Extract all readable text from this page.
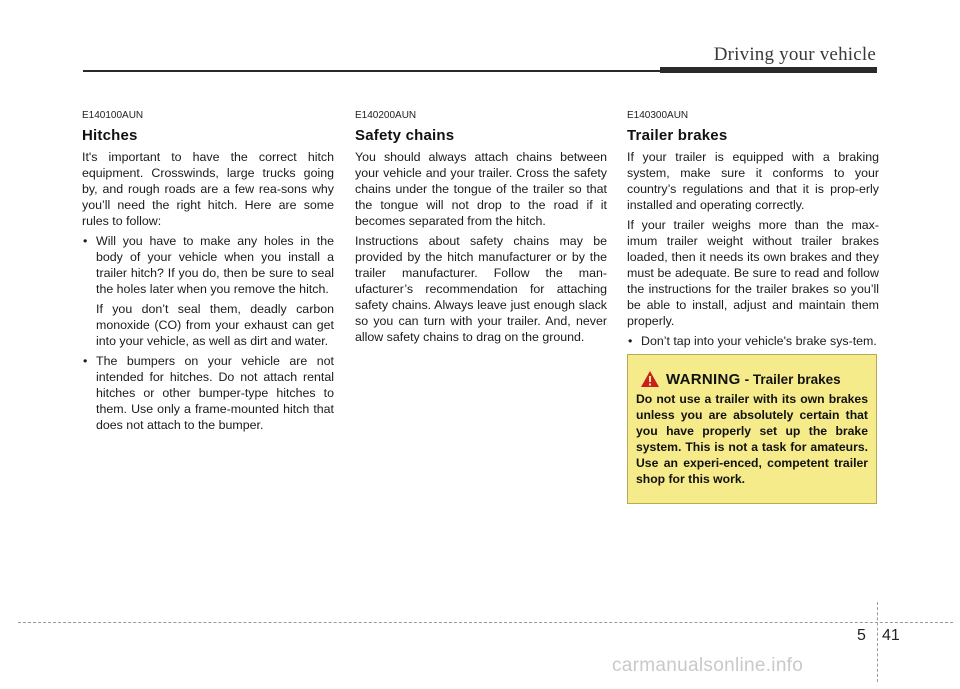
Driving your vehicle
E140100AUN
Hitches

It's important to have the correct hitch equipment. Crosswinds, large trucks going by, and rough roads are a few rea-sons why you’ll need the right hitch. Here are some rules to follow:

• Will you have to make any holes in the body of your vehicle when you install a trailer hitch? If you do, then be sure to seal the holes later when you remove the hitch.

If you don’t seal them, deadly carbon monoxide (CO) from your exhaust can get into your vehicle, as well as dirt and water.

• The bumpers on your vehicle are not intended for hitches. Do not attach rental hitches or other bumper-type hitches to them. Use only a frame-mounted hitch that does not attach to the bumper.
E140200AUN
Safety chains

You should always attach chains between your vehicle and your trailer. Cross the safety chains under the tongue of the trailer so that the tongue will not drop to the road if it becomes separated from the hitch.

Instructions about safety chains may be provided by the hitch manufacturer or by the trailer manufacturer. Follow the man-ufacturer’s recommendation for attaching safety chains. Always leave just enough slack so you can turn with your trailer. And, never allow safety chains to drag on the ground.

E140300AUN
Trailer brakes

If your trailer is equipped with a braking system, make sure it conforms to your country’s regulations and that it is prop-erly installed and operating correctly.

If your trailer weighs more than the max-imum trailer weight without trailer brakes loaded, then it needs its own brakes and they must be adequate. Be sure to read and follow the instructions for the trailer brakes so you’ll be able to install, adjust and maintain them properly.

• Don’t tap into your vehicle's brake sys-tem.
WARNING - Trailer brakes
Do not use a trailer with its own brakes unless you are absolutely certain that you have properly set up the brake system. This is not a task for amateurs. Use an experi-enced, competent trailer shop for this work.
5 41
carmanualsonline.info
